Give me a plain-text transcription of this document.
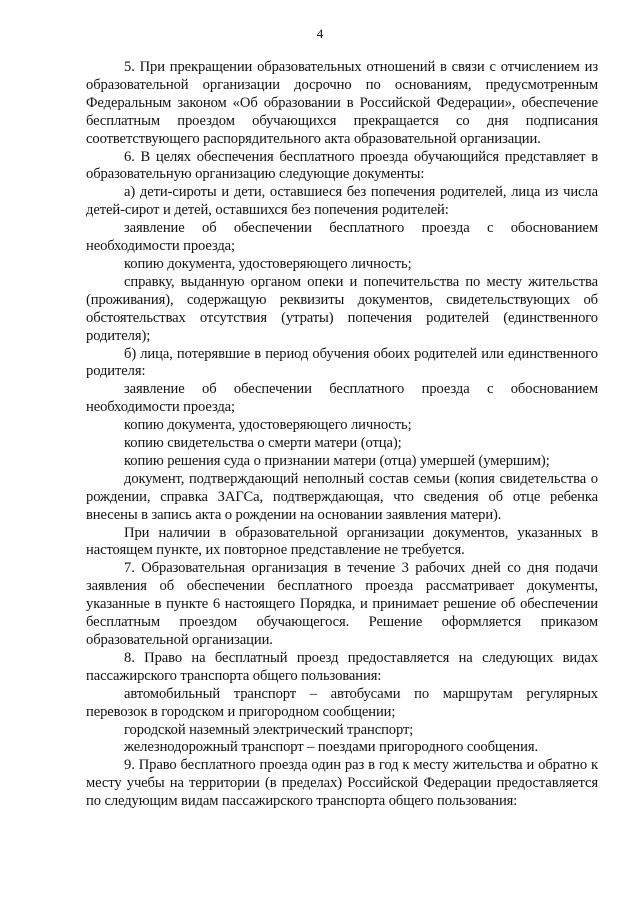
4

5. При прекращении образовательных отношений в связи с отчислением из образовательной организации досрочно по основаниям, предусмотренным Федеральным законом «Об образовании в Российской Федерации», обеспечение бесплатным проездом обучающихся прекращается со дня подписания соответствующего распорядительного акта образовательной организации.

6. В целях обеспечения бесплатного проезда обучающийся представляет в образовательную организацию следующие документы:

а) дети-сироты и дети, оставшиеся без попечения родителей, лица из числа детей-сирот и детей, оставшихся без попечения родителей:

заявление об обеспечении бесплатного проезда с обоснованием необходимости проезда;

копию документа, удостоверяющего личность;

справку, выданную органом опеки и попечительства по месту жительства (проживания), содержащую реквизиты документов, свидетельствующих об обстоятельствах отсутствия (утраты) попечения родителей (единственного родителя);

б) лица, потерявшие в период обучения обоих родителей или единственного родителя:

заявление об обеспечении бесплатного проезда с обоснованием необходимости проезда;

копию документа, удостоверяющего личность;

копию свидетельства о смерти матери (отца);

копию решения суда о признании матери (отца) умершей (умершим);

документ, подтверждающий неполный состав семьи (копия свидетельства о рождении, справка ЗАГСа, подтверждающая, что сведения об отце ребенка внесены в запись акта о рождении на основании заявления матери).

При наличии в образовательной организации документов, указанных в настоящем пункте, их повторное представление не требуется.

7. Образовательная организация в течение 3 рабочих дней со дня подачи заявления об обеспечении бесплатного проезда рассматривает документы, указанные в пункте 6 настоящего Порядка, и принимает решение об обеспечении бесплатным проездом обучающегося. Решение оформляется приказом образовательной организации.

8. Право на бесплатный проезд предоставляется на следующих видах пассажирского транспорта общего пользования:

автомобильный транспорт – автобусами по маршрутам регулярных перевозок в городском и пригородном сообщении;

городской наземный электрический транспорт;

железнодорожный транспорт – поездами пригородного сообщения.

9. Право бесплатного проезда один раз в год к месту жительства и обратно к месту учебы на территории (в пределах) Российской Федерации предоставляется по следующим видам пассажирского транспорта общего пользования:
